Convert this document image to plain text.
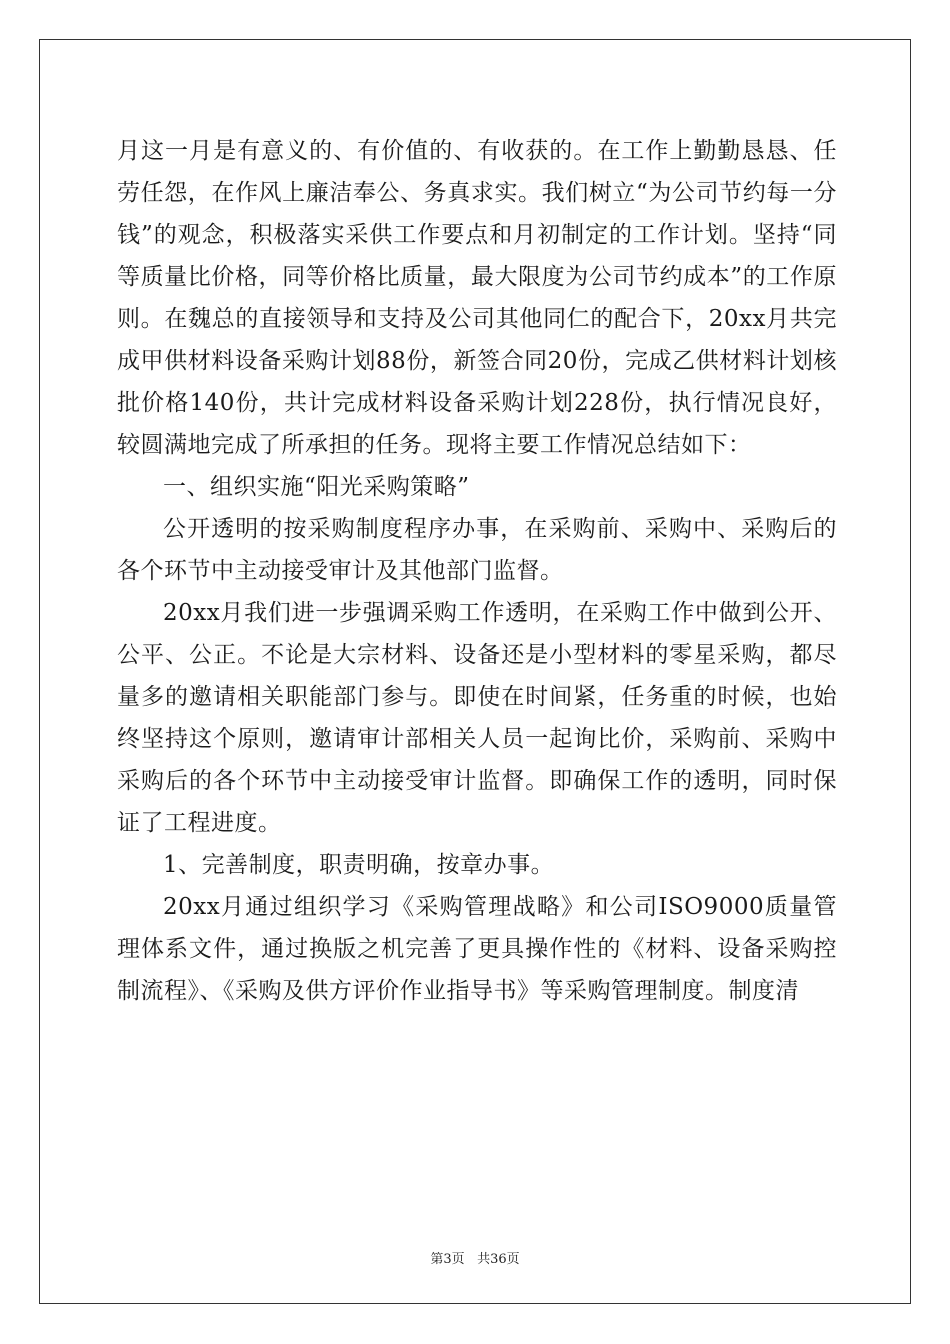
月这一月是有意义的、有价值的、有收获的。在工作上勤勤恳恳、任劳任怨，在作风上廉洁奉公、务真求实。我们树立“为公司节约每一分钱”的观念，积极落实采供工作要点和月初制定的工作计划。坚持“同等质量比价格，同等价格比质量，最大限度为公司节约成本”的工作原则。在魏总的直接领导和支持及公司其他同仁的配合下，20xx月共完成甲供材料设备采购计划88份，新签合同20份，完成乙供材料计划核批价格140份，共计完成材料设备采购计划228份，执行情况良好，较圆满地完成了所承担的任务。现将主要工作情况总结如下：

一、组织实施“阳光采购策略”

公开透明的按采购制度程序办事，在采购前、采购中、采购后的各个环节中主动接受审计及其他部门监督。

20xx月我们进一步强调采购工作透明，在采购工作中做到公开、公平、公正。不论是大宗材料、设备还是小型材料的零星采购，都尽量多的邀请相关职能部门参与。即使在时间紧，任务重的时候，也始终坚持这个原则，邀请审计部相关人员一起询比价，采购前、采购中采购后的各个环节中主动接受审计监督。即确保工作的透明，同时保证了工程进度。

1、完善制度，职责明确，按章办事。

20xx月通过组织学习《采购管理战略》和公司ISO9000质量管理体系文件，通过换版之机完善了更具操作性的《材料、设备采购控制流程》、《采购及供方评价作业指导书》等采购管理制度。制度清

第3页 共36页
